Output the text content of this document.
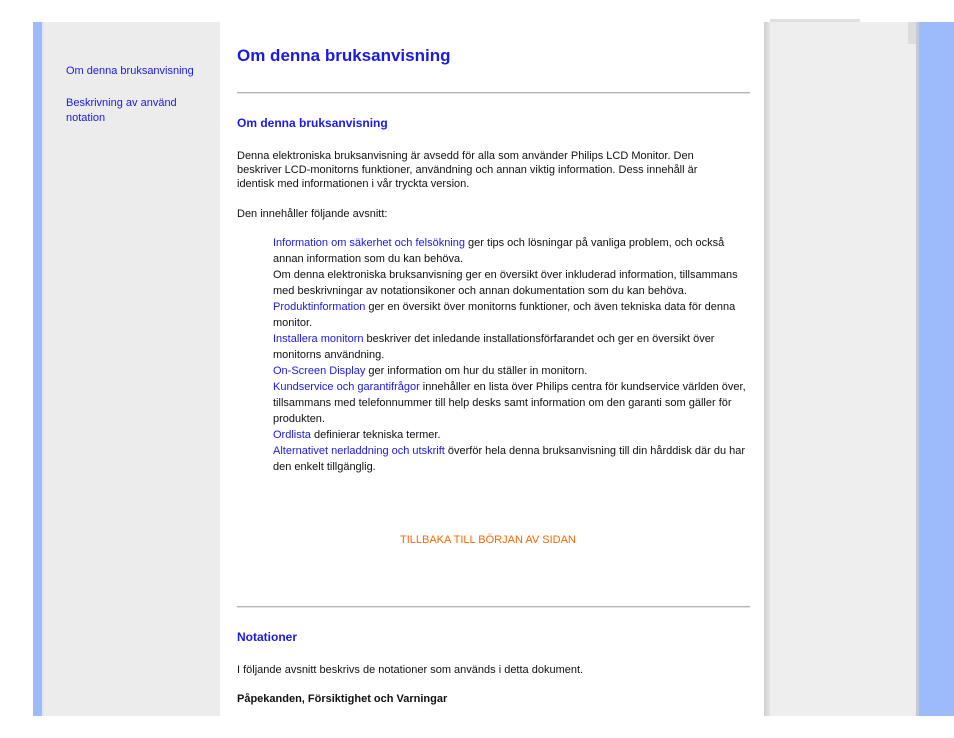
Om denna bruksanvisning
Beskrivning av använd notation
Om denna bruksanvisning
Om denna bruksanvisning

Denna elektroniska bruksanvisning är avsedd för alla som använder Philips LCD Monitor. Den beskriver LCD-monitorns funktioner, användning och annan viktig information. Dess innehåll är identisk med informationen i vår tryckta version.

Den innehåller följande avsnitt:

Information om säkerhet och felsökning ger tips och lösningar på vanliga problem, och också annan information som du kan behöva.
Om denna elektroniska bruksanvisning ger en översikt över inkluderad information, tillsammans med beskrivningar av notationsikoner och annan dokumentation som du kan behöva.
Produktinformation ger en översikt över monitorns funktioner, och även tekniska data för denna monitor.
Installera monitorn beskriver det inledande installationsförfarandet och ger en översikt över monitorns användning.
On-Screen Display ger information om hur du ställer in monitorn.
Kundservice och garantifrågor innehåller en lista över Philips centra för kundservice världen över, tillsammans med telefonnummer till help desks samt information om den garanti som gäller för produkten.
Ordlista definierar tekniska termer.
Alternativet nerladdning och utskrift överför hela denna bruksanvisning till din hårddisk där du har den enkelt tillgänglig.
TILLBAKA TILL BÖRJAN AV SIDAN
Notationer

I följande avsnitt beskrivs de notationer som används i detta dokument.

Påpekanden, Försiktighet och Varningar
